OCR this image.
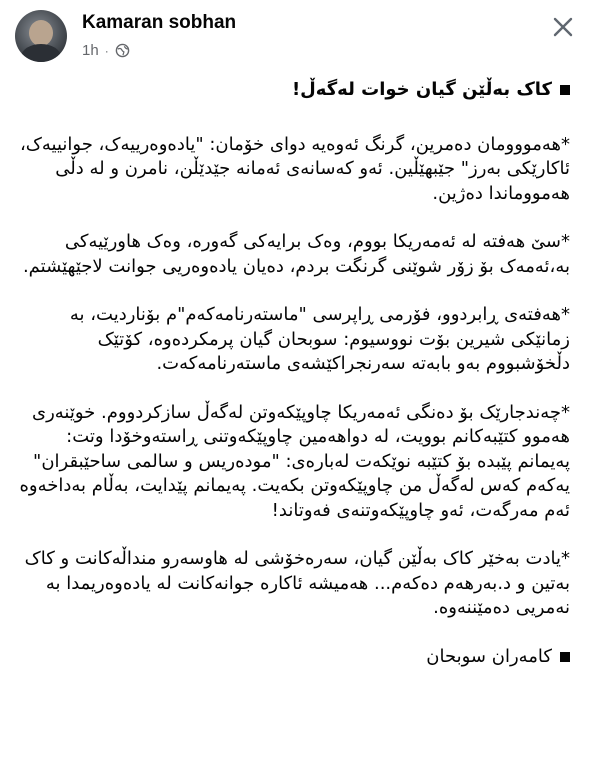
Kamaran sobhan
1h ·
کاک بەڵێن گیان خوات لەگەڵ!

*هەمووومان دەمرین، گرنگ ئەوەیە دوای خۆمان: "یادەوەرییەک، جوانییەک، ئاکارێکی بەرز" جێبهێڵین. ئەو کەسانەی ئەمانە جێدێڵن، نامرن و لە دڵی هەمووماندا دەژین.

*سێ هەفتە لە ئەمەریکا بووم، وەک برایەکی گەورە، وەک هاورێیەکی بە،ئەمەک بۆ زۆر شوێنی گرنگت بردم، دەیان یادەوەریی جوانت لاجێهێشتم.

*هەفتەی ڕابردوو، فۆرمی ڕاپرسی "ماستەرنامەکەم"م بۆناردیت، بە زمانێکی شیرین بۆت نووسیوم: سوبحان گیان پرمکردەوە، کۆتێک دڵخۆشبووم بەو بابەتە سەرنجراکێشەی ماستەرنامەکەت.

*چەندجارێک بۆ دەنگی ئەمەریکا چاوپێکەوتن لەگەڵ سازکردووم. خوێنەری هەموو کتێبەکانم بوویت، لە دواهەمین چاوپێکەوتنی ڕاستەوخۆدا وتت: پەیمانم پێبدە بۆ کتێبە نوێکەت لەبارەی: "مودەریس و سالمی ساحێبقران" یەکەم کەس لەگەڵ من چاوپێکەوتن بکەیت. پەیمانم پێدایت، بەڵام بەداخەوە ئەم مەرگەت، ئەو چاوپێکەوتنەی فەوتاند!

*یادت بەخێر کاک بەڵێن گیان، سەرەخۆشی لە هاوسەرو منداڵەکانت و کاک بەتین و د.بەرهەم دەکەم... هەمیشە ئاکارە جوانەکانت لە یادەوەریمدا بە نەمریی دەمێننەوە.

کامەران سوبحان
